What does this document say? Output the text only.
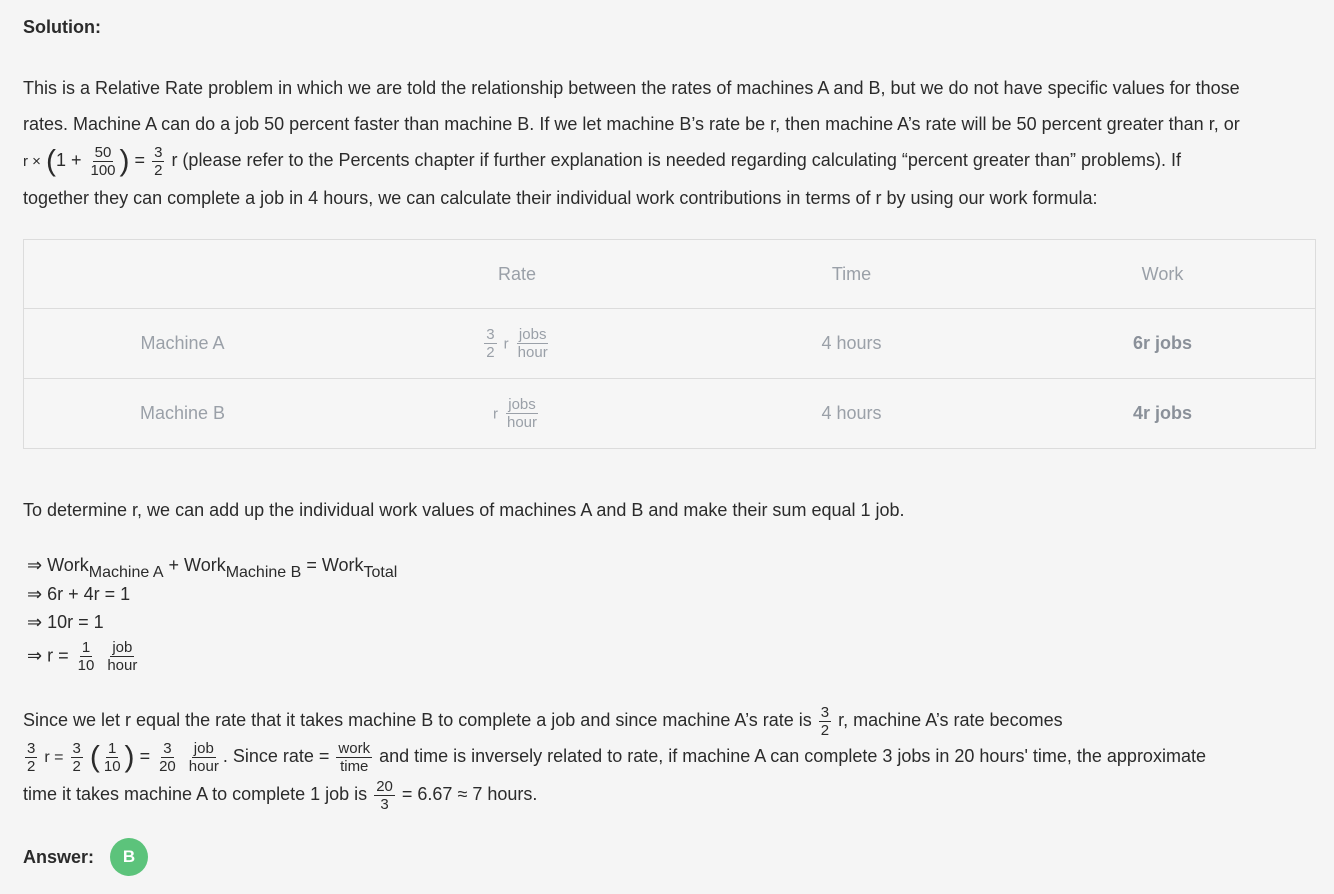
Solution:
This is a Relative Rate problem in which we are told the relationship between the rates of machines A and B, but we do not have specific values for those
rates. Machine A can do a job 50 percent faster than machine B. If we let machine B’s rate be r, then machine A’s rate will be 50 percent greater than r, or
$r \times (1 + \frac{50}{100}$ ) = $\frac{3}{2}$ r (please refer to the Percents chapter if further explanation is needed regarding calculating “percent greater than” problems). If
together they can complete a job in 4 hours, we can calculate their individual work contributions in terms of r by using our work formula:
	Rate	Time	Work
Machine A	$\frac{3}{2}$ r $\frac{\text{jobs}}{\text{hour}}$	4 hours	6r jobs
Machine B	r $\frac{\text{jobs}}{\text{hour}}$	4 hours	4r jobs
To determine r, we can add up the individual work values of machines A and B and make their sum equal 1 job.
⇒ Work$_{Machine A}$ + Work$_{Machine B}$ = Work$_{Total}$
⇒ 6r + 4r = 1
⇒ 10r = 1
⇒ $r = \frac{1}{10}$
$\frac{\text{job}}{\text{hour}}$
Since we let r equal the rate that it takes machine B to complete a job and since machine A’s rate is $\frac{3}{2} r$, machine A’s rate becomes
$\frac{3}{2}$ $r = \frac{3}{2}$ ( $\frac{1}{10}$ ) = $\frac{3}{20}$
$\frac{\text{job}}{\text{hour}}$ . Since rate = $\frac{\text{work}}{\text{time}}$ and time is inversely related to rate, if machine A can complete 3 jobs in 20 hours' time, the approximate
time it takes machine A to complete 1 job is $\frac{20}{3} = 6.67 \approx 7$ hours.
Answer:	B
